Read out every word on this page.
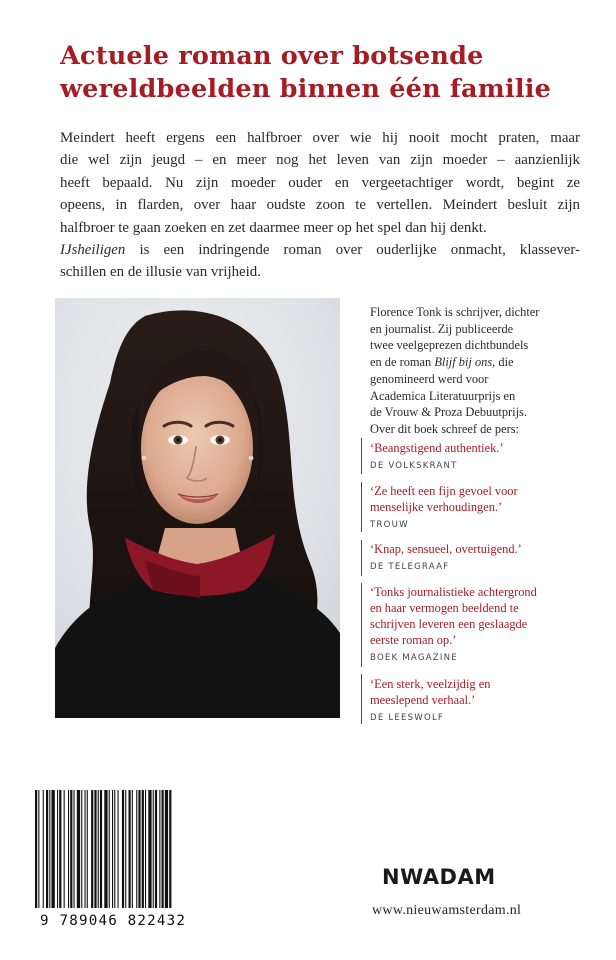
Actuele roman over botsende
wereldbeelden binnen één familie
Meindert heeft ergens een halfbroer over wie hij nooit mocht praten, maar
die wel zijn jeugd – en meer nog het leven van zijn moeder – aanzienlijk
heeft bepaald. Nu zijn moeder ouder en vergeetachtiger wordt, begint ze
opeens, in flarden, over haar oudste zoon te vertellen. Meindert besluit zijn
halfbroer te gaan zoeken en zet daarmee meer op het spel dan hij denkt.
IJsheiligen is een indringende roman over ouderlijke onmacht, klassever-
schillen en de illusie van vrijheid.
Florence Tonk is schrijver, dichter
en journalist. Zij publiceerde
twee veelgeprezen dichtbundels
en de roman Blijf bij ons, die
genomineerd werd voor
Academica Literatuurprijs en
de Vrouw & Proza Debuutprijs.
Over dit boek schreef de pers:
‘Beangstigend authentiek.’
DE VOLKSKRANT
‘Ze heeft een fijn gevoel voor
menselijke verhoudingen.’
TROUW
‘Knap, sensueel, overtuigend.’
DE TELEGRAAF
‘Tonks journalistieke achtergrond
en haar vermogen beeldend te
schrijven leveren een geslaagde
eerste roman op.’
BOEK MAGAZINE
‘Een sterk, veelzijdig en
meeslepend verhaal.’
DE LEESWOLF
9 789046 822432
NWADAM
www.nieuwamsterdam.nl
